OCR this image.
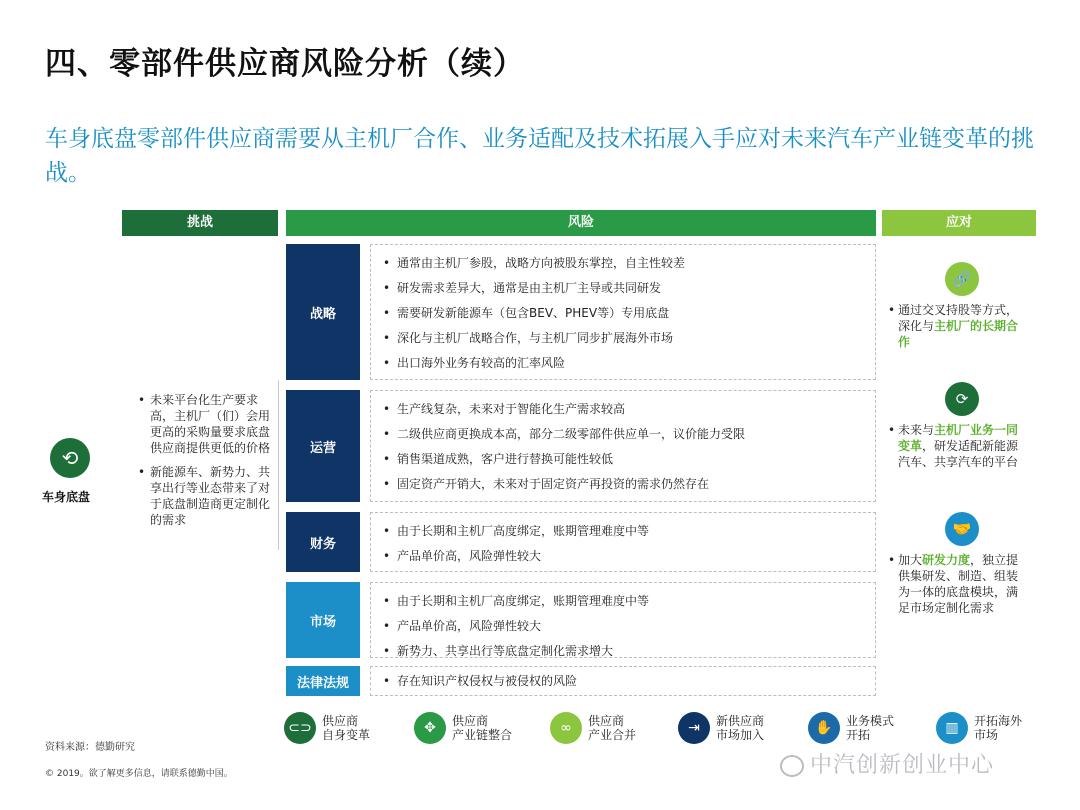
四、零部件供应商风险分析（续）
车身底盘零部件供应商需要从主机厂合作、业务适配及技术拓展入手应对未来汽车产业链变革的挑战。
挑战	风险	应对
⟲
车身底盘
• 未来平台化生产要求高，主机厂（们）会用更高的采购量要求底盘供应商提供更低的价格
• 新能源车、新势力、共享出行等业态带来了对于底盘制造商更定制化的需求
战略
• 通常由主机厂参股，战略方向被股东掌控，自主性较差
• 研发需求差异大，通常是由主机厂主导或共同研发
• 需要研发新能源车（包含BEV、PHEV等）专用底盘
• 深化与主机厂战略合作，与主机厂同步扩展海外市场
• 出口海外业务有较高的汇率风险
运营
• 生产线复杂，未来对于智能化生产需求较高
• 二级供应商更换成本高，部分二级零部件供应单一，议价能力受限
• 销售渠道成熟，客户进行替换可能性较低
• 固定资产开销大，未来对于固定资产再投资的需求仍然存在
财务
• 由于长期和主机厂高度绑定，账期管理难度中等
• 产品单价高，风险弹性较大
市场
• 由于长期和主机厂高度绑定，账期管理难度中等
• 产品单价高，风险弹性较大
• 新势力、共享出行等底盘定制化需求增大
法律法规
•	存在知识产权侵权与被侵权的风险
🔗
• 通过交叉持股等方式，深化与主机厂的长期合作
⟳
• 未来与主机厂业务一同变革，研发适配新能源汽车、共享汽车的平台
🤝
• 加大研发力度，独立提供集研发、制造、组装为一体的底盘模块，满足市场定制化需求
⊂⊃ 供应商
自身变革	✥	供应商
产业链整合	∞	供应商
产业合并	⇥	新供应商
市场加入	✋	业务模式
开拓	▥	开拓海外
市场
资料来源：德勤研究
© 2019。欲了解更多信息，请联系德勤中国。	中汽创新创业中心
